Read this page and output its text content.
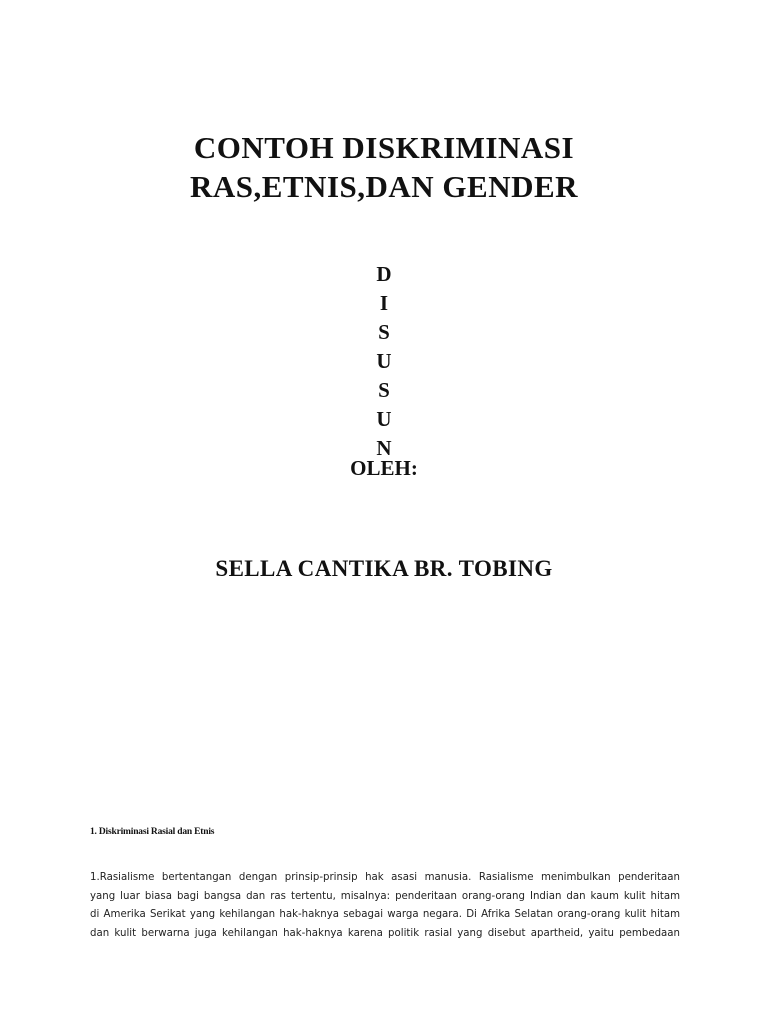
CONTOH DISKRIMINASI
RAS,ETNIS,DAN GENDER
D
I
S
U
S
U
N
OLEH:
SELLA CANTIKA BR. TOBING
1. Diskriminasi Rasial dan Etnis
1.Rasialisme bertentangan dengan prinsip-prinsip hak asasi manusia. Rasialisme menimbulkan penderitaan
yang luar biasa bagi bangsa dan ras tertentu, misalnya: penderitaan orang-orang Indian dan kaum kulit hitam
di Amerika Serikat yang kehilangan hak-haknya sebagai warga negara. Di Afrika Selatan orang-orang kulit hitam
dan kulit berwarna juga kehilangan hak-haknya karena politik rasial yang disebut apartheid, yaitu pembedaan
